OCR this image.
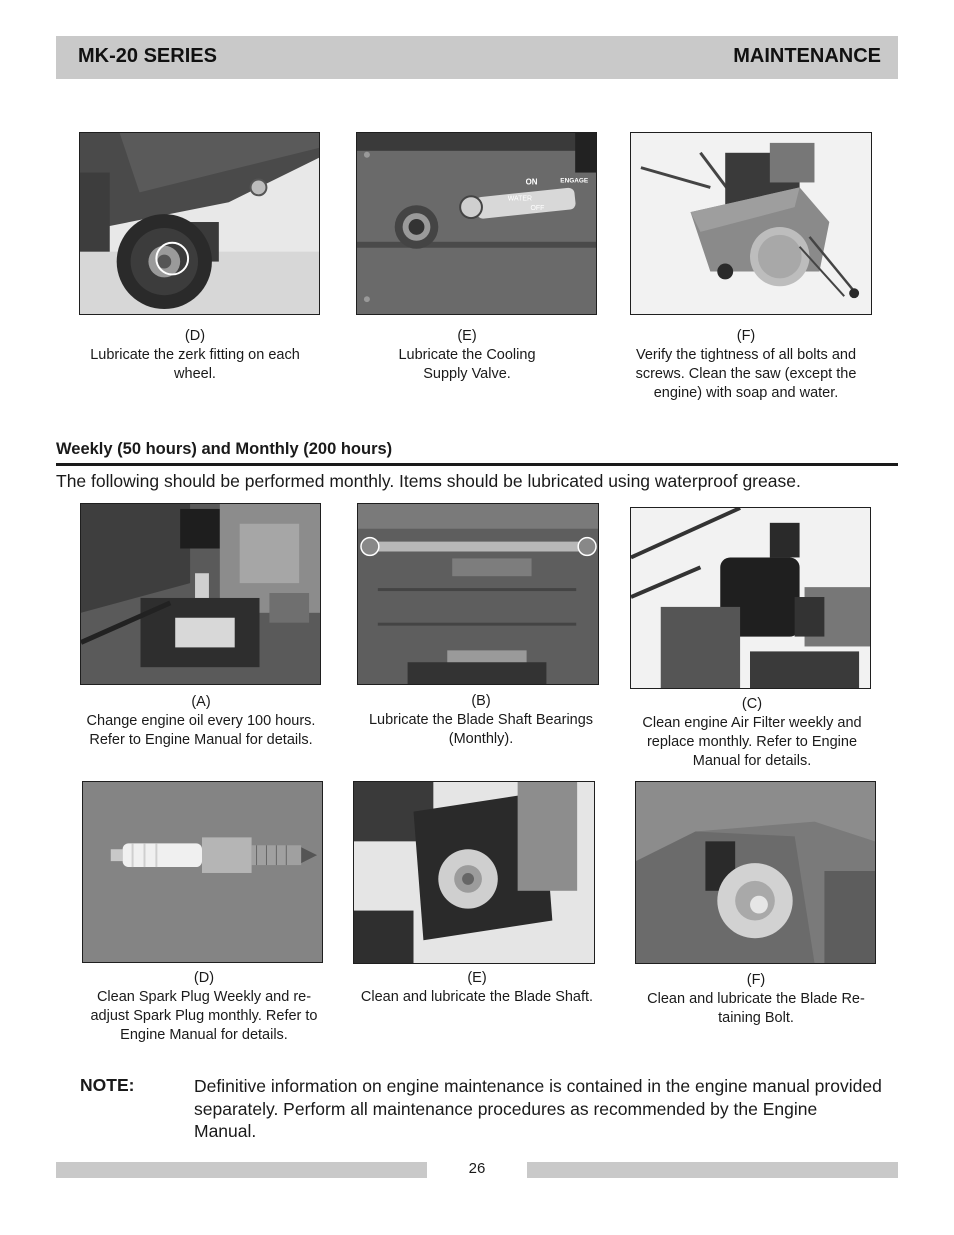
MK-20 SERIES	MAINTENANCE
ON
WATER
OFF
ENGAGE
(D)
Lubricate the zerk fitting on each
wheel.
(E)
Lubricate the Cooling
Supply Valve.
(F)
Verify the tightness of all bolts and
screws. Clean the saw (except the
engine) with soap and water.
Weekly (50 hours) and Monthly (200 hours)
The following should be performed monthly. Items should be lubricated using waterproof grease.
(A)
Change engine oil every 100 hours.
Refer to Engine Manual for details.
(B)
Lubricate the Blade Shaft Bearings
(Monthly).
(C)
Clean engine Air Filter weekly and
replace monthly. Refer to Engine
Manual for details.
(D)
Clean Spark Plug Weekly and re-
adjust Spark Plug monthly. Refer to
Engine Manual for details.
(E)
Clean and lubricate the Blade Shaft.
(F)
Clean and lubricate the Blade Re-
taining Bolt.
NOTE:	Definitive information on engine maintenance is contained in the engine manual provided separately. Perform all maintenance procedures as recommended by the Engine Manual.
26
